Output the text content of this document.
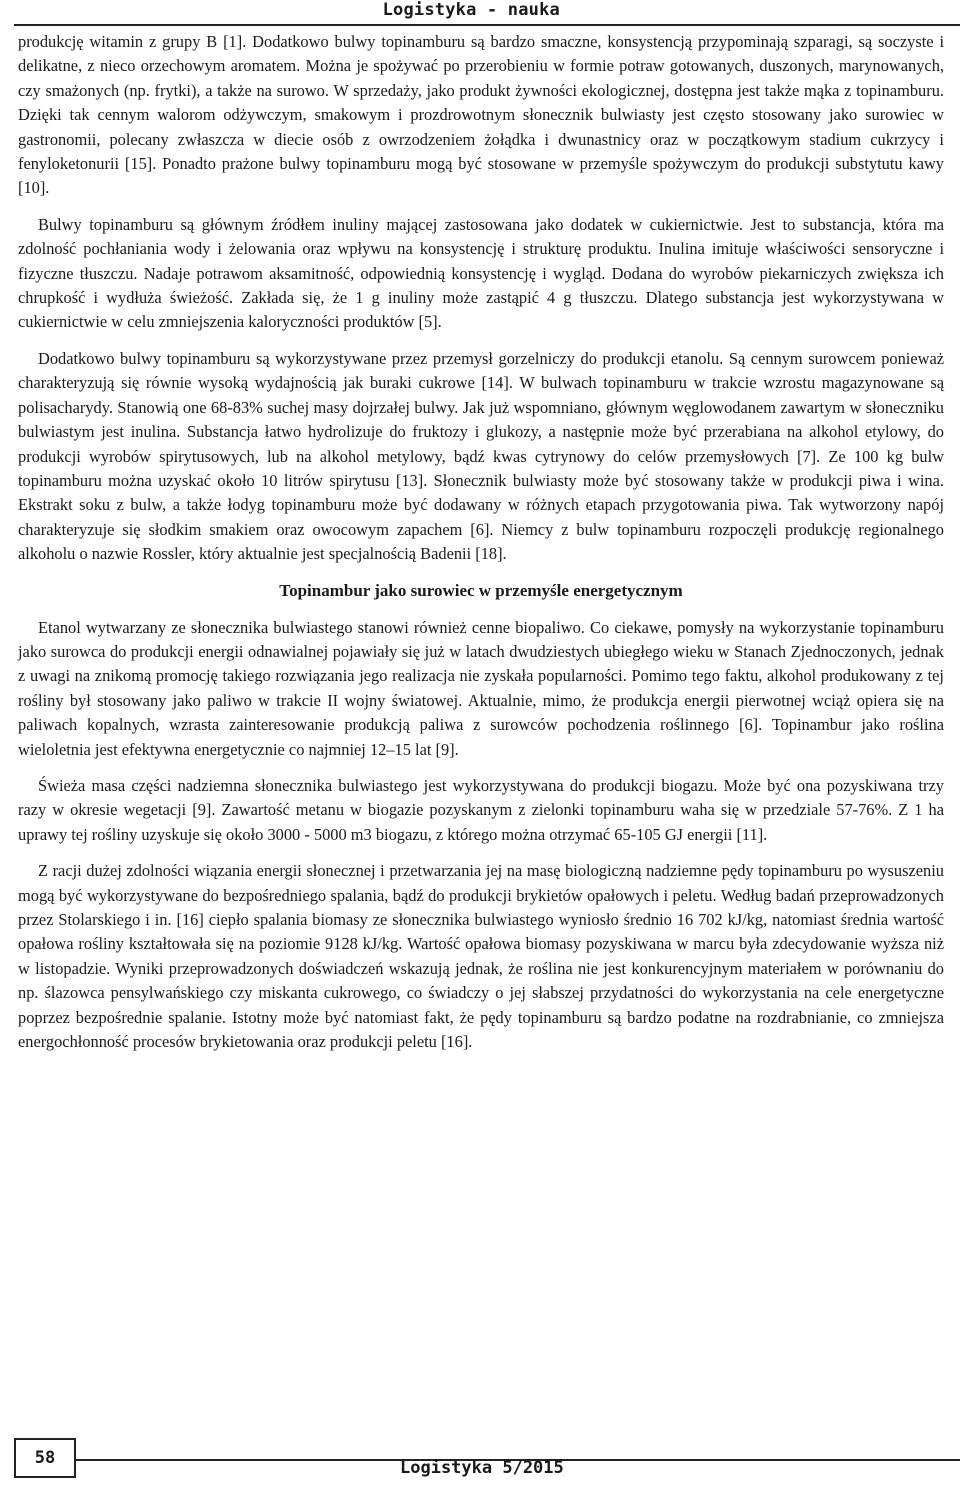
Logistyka - nauka

produkcję witamin z grupy B [1]. Dodatkowo bulwy topinamburu są bardzo smaczne, konsystencją przypominają szparagi, są soczyste i delikatne, z nieco orzechowym aromatem. Można je spożywać po przerobieniu w formie potraw gotowanych, duszonych, marynowanych, czy smażonych (np. frytki), a także na surowo. W sprzedaży, jako produkt żywności ekologicznej, dostępna jest także mąka z topinamburu. Dzięki tak cennym walorom odżywczym, smakowym i prozdrowotnym słonecznik bulwiasty jest często stosowany jako surowiec w gastronomii, polecany zwłaszcza w diecie osób z owrzodzeniem żołądka i dwunastnicy oraz w początkowym stadium cukrzycy i fenyloketonurii [15]. Ponadto prażone bulwy topinamburu mogą być stosowane w przemyśle spożywczym do produkcji substytutu kawy [10].

Bulwy topinamburu są głównym źródłem inuliny mającej zastosowana jako dodatek w cukiernictwie. Jest to substancja, która ma zdolność pochłaniania wody i żelowania oraz wpływu na konsystencję i strukturę produktu. Inulina imituje właściwości sensoryczne i fizyczne tłuszczu. Nadaje potrawom aksamitność, odpowiednią konsystencję i wygląd. Dodana do wyrobów piekarniczych zwiększa ich chrupkość i wydłuża świeżość. Zakłada się, że 1 g inuliny może zastąpić 4 g tłuszczu. Dlatego substancja jest wykorzystywana w cukiernictwie w celu zmniejszenia kaloryczności produktów [5].

Dodatkowo bulwy topinamburu są wykorzystywane przez przemysł gorzelniczy do produkcji etanolu. Są cennym surowcem ponieważ charakteryzują się równie wysoką wydajnością jak buraki cukrowe [14]. W bulwach topinamburu w trakcie wzrostu magazynowane są polisacharydy. Stanowią one 68-83% suchej masy dojrzałej bulwy. Jak już wspomniano, głównym węglowodanem zawartym w słoneczniku bulwiastym jest inulina. Substancja łatwo hydrolizuje do fruktozy i glukozy, a następnie może być przerabiana na alkohol etylowy, do produkcji wyrobów spirytusowych, lub na alkohol metylowy, bądź kwas cytrynowy do celów przemysłowych [7]. Ze 100 kg bulw topinamburu można uzyskać około 10 litrów spirytusu [13]. Słonecznik bulwiasty może być stosowany także w produkcji piwa i wina. Ekstrakt soku z bulw, a także łodyg topinamburu może być dodawany w różnych etapach przygotowania piwa. Tak wytworzony napój charakteryzuje się słodkim smakiem oraz owocowym zapachem [6]. Niemcy z bulw topinamburu rozpoczęli produkcję regionalnego alkoholu o nazwie Rossler, który aktualnie jest specjalnością Badenii [18].

Topinambur jako surowiec w przemyśle energetycznym

Etanol wytwarzany ze słonecznika bulwiastego stanowi również cenne biopaliwo. Co ciekawe, pomysły na wykorzystanie topinamburu jako surowca do produkcji energii odnawialnej pojawiały się już w latach dwudziestych ubiegłego wieku w Stanach Zjednoczonych, jednak z uwagi na znikomą promocję takiego rozwiązania jego realizacja nie zyskała popularności. Pomimo tego faktu, alkohol produkowany z tej rośliny był stosowany jako paliwo w trakcie II wojny światowej. Aktualnie, mimo, że produkcja energii pierwotnej wciąż opiera się na paliwach kopalnych, wzrasta zainteresowanie produkcją paliwa z surowców pochodzenia roślinnego [6]. Topinambur jako roślina wieloletnia jest efektywna energetycznie co najmniej 12–15 lat [9].

Świeża masa części nadziemna słonecznika bulwiastego jest wykorzystywana do produkcji biogazu. Może być ona pozyskiwana trzy razy w okresie wegetacji [9]. Zawartość metanu w biogazie pozyskanym z zielonki topinamburu waha się w przedziale 57-76%. Z 1 ha uprawy tej rośliny uzyskuje się około 3000 - 5000 m3 biogazu, z którego można otrzymać 65-105 GJ energii [11].

Z racji dużej zdolności wiązania energii słonecznej i przetwarzania jej na masę biologiczną nadziemne pędy topinamburu po wysuszeniu mogą być wykorzystywane do bezpośredniego spalania, bądź do produkcji brykietów opałowych i peletu. Według badań przeprowadzonych przez Stolarskiego i in. [16] ciepło spalania biomasy ze słonecznika bulwiastego wyniosło średnio 16 702 kJ/kg, natomiast średnia wartość opałowa rośliny kształtowała się na poziomie 9128 kJ/kg. Wartość opałowa biomasy pozyskiwana w marcu była zdecydowanie wyższa niż w listopadzie. Wyniki przeprowadzonych doświadczeń wskazują jednak, że roślina nie jest konkurencyjnym materiałem w porównaniu do np. ślazowca pensylwańskiego czy miskanta cukrowego, co świadczy o jej słabszej przydatności do wykorzystania na cele energetyczne poprzez bezpośrednie spalanie. Istotny może być natomiast fakt, że pędy topinamburu są bardzo podatne na rozdrabnianie, co zmniejsza energochłonność procesów brykietowania oraz produkcji peletu [16].

58	Logistyka 5/2015
